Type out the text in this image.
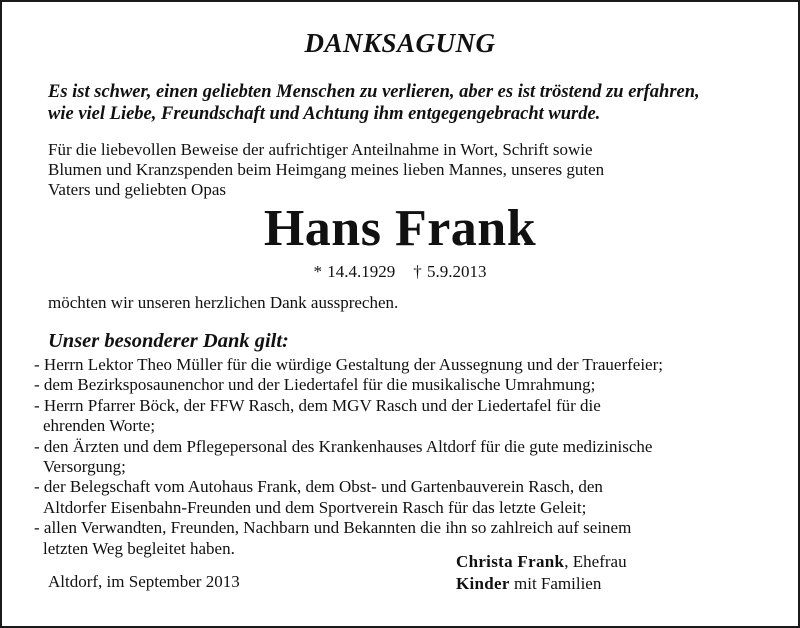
DANKSAGUNG
Es ist schwer, einen geliebten Menschen zu verlieren, aber es ist tröstend zu erfahren,
wie viel Liebe, Freundschaft und Achtung ihm entgegengebracht wurde.
Für die liebevollen Beweise der aufrichtiger Anteilnahme in Wort, Schrift sowie
Blumen und Kranzspenden beim Heimgang meines lieben Mannes, unseres guten
Vaters und geliebten Opas
Hans Frank
* 14.4.1929 † 5.9.2013
möchten wir unseren herzlichen Dank aussprechen.
Unser besonderer Dank gilt:
- Herrn Lektor Theo Müller für die würdige Gestaltung der Aussegnung und der Trauerfeier;
- dem Bezirksposaunenchor und der Liedertafel für die musikalische Umrahmung;
- Herrn Pfarrer Böck, der FFW Rasch, dem MGV Rasch und der Liedertafel für die
ehrenden Worte;
- den Ärzten und dem Pflegepersonal des Krankenhauses Altdorf für die gute medizinische
Versorgung;
- der Belegschaft vom Autohaus Frank, dem Obst- und Gartenbauverein Rasch, den
Altdorfer Eisenbahn-Freunden und dem Sportverein Rasch für das letzte Geleit;
- allen Verwandten, Freunden, Nachbarn und Bekannten die ihn so zahlreich auf seinem
letzten Weg begleitet haben.
Altdorf, im September 2013
Christa Frank, Ehefrau
Kinder mit Familien
